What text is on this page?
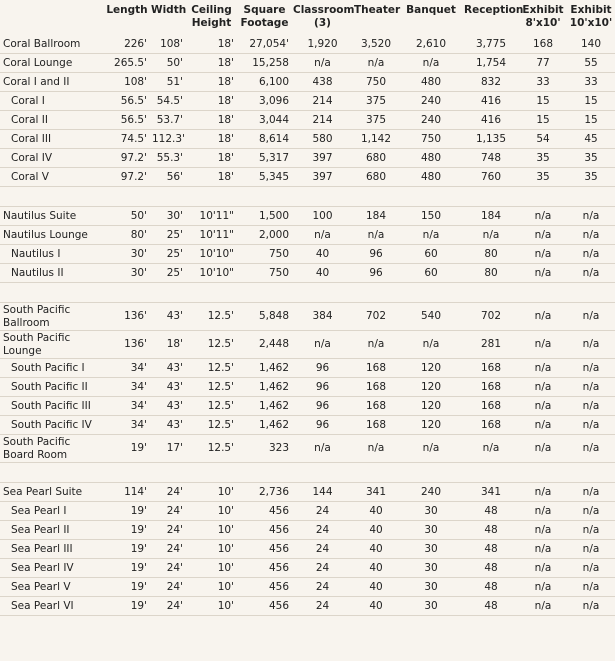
	Length	Width	Ceiling Height	Square Footage	Classroom (3)	Theater	Banquet	Reception	Exhibit 8'x10'	Exhibit 10'x10'
Coral Ballroom	226'	108'	18'	27,054'	1,920	3,520	2,610	3,775	168	140
Coral Lounge	265.5'	50'	18'	15,258	n/a	n/a	n/a	1,754	77	55
Coral I and II	108'	51'	18'	6,100	438	750	480	832	33	33
Coral I	56.5'	54.5'	18'	3,096	214	375	240	416	15	15
Coral II	56.5'	53.7'	18'	3,044	214	375	240	416	15	15
Coral III	74.5'	112.3'	18'	8,614	580	1,142	750	1,135	54	45
Coral IV	97.2'	55.3'	18'	5,317	397	680	480	748	35	35
Coral V	97.2'	56'	18'	5,345	397	680	480	760	35	35

Nautilus Suite	50'	30'	10'11"	1,500	100	184	150	184	n/a	n/a
Nautilus Lounge	80'	25'	10'11"	2,000	n/a	n/a	n/a	n/a	n/a	n/a
Nautilus I	30'	25'	10'10"	750	40	96	60	80	n/a	n/a
Nautilus II	30'	25'	10'10"	750	40	96	60	80	n/a	n/a

South Pacific Ballroom	136'	43'	12.5'	5,848	384	702	540	702	n/a	n/a
South Pacific Lounge	136'	18'	12.5'	2,448	n/a	n/a	n/a	281	n/a	n/a
South Pacific I	34'	43'	12.5'	1,462	96	168	120	168	n/a	n/a
South Pacific II	34'	43'	12.5'	1,462	96	168	120	168	n/a	n/a
South Pacific III	34'	43'	12.5'	1,462	96	168	120	168	n/a	n/a
South Pacific IV	34'	43'	12.5'	1,462	96	168	120	168	n/a	n/a
South Pacific Board Room	19'	17'	12.5'	323	n/a	n/a	n/a	n/a	n/a	n/a

Sea Pearl Suite	114'	24'	10'	2,736	144	341	240	341	n/a	n/a
Sea Pearl I	19'	24'	10'	456	24	40	30	48	n/a	n/a
Sea Pearl II	19'	24'	10'	456	24	40	30	48	n/a	n/a
Sea Pearl III	19'	24'	10'	456	24	40	30	48	n/a	n/a
Sea Pearl IV	19'	24'	10'	456	24	40	30	48	n/a	n/a
Sea Pearl V	19'	24'	10'	456	24	40	30	48	n/a	n/a
Sea Pearl VI	19'	24'	10'	456	24	40	30	48	n/a	n/a
